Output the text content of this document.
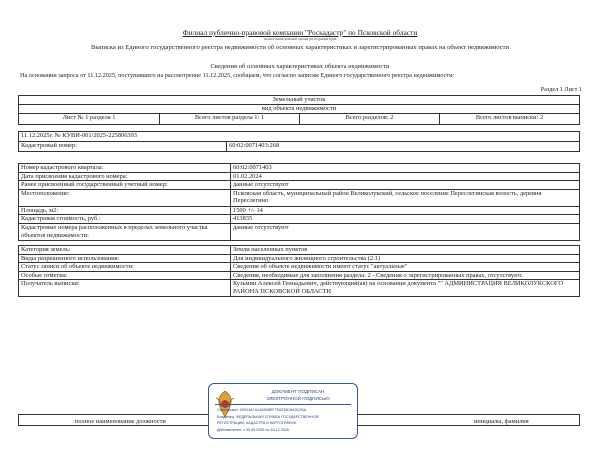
Филиал публично-правовой компании "Роскадастр" по Псковской области
полное наименование органа регистрации прав
Выписка из Единого государственного реестра недвижимости об основных характеристиках и зарегистрированных правах на объект недвижимости
Сведения об основных характеристиках объекта недвижимости
На основании запроса от 11.12.2025, поступившего на рассмотрение 11.12.2025, сообщаем, что согласно записям Единого государственного реестра недвижимости:
Раздел 1 Лист 1
Земельный участок
вид объекта недвижимости
Лист № 1 раздела 1	Всего листов раздела 1: 1	Всего разделов: 2	Всего листов выписки: 2
11.12.2025г. № КУВИ-001/2025-225806393
Кадастровый номер:	60:02:0071403:268
Номер кадастрового квартала:	60:02:0071403
Дата присвоения кадастрового номера:	01.02.2024
Ранее присвоенный государственный учетный номер:	данные отсутствуют
Местоположение:	Псковская область, муниципальный район Великолукский, сельское поселение Переслегинская волость, деревня Переслегино
Площадь, м2:	1500 +/- 14
Кадастровая стоимость, руб.:	413835
Кадастровые номера расположенных в пределах земельного участка объектов недвижимости:	данные отсутствуют
Категория земель:	Земли населенных пунктов
Виды разрешенного использования:	Для индивидуального жилищного строительства (2.1)
Статус записи об объекте недвижимости:	Сведения об объекте недвижимости имеют статус "актуальные"
Особые отметки:	Сведения, необходимые для заполнения раздела: 2 - Сведения о зарегистрированных правах, отсутствуют.
Получатель выписки:	Кузьмин Алексей Геннадьевич, действующий(ая) на основании документа "" АДМИНИСТРАЦИЯ ВЕЛИКОЛУКСКОГО РАЙОНА ПСКОВСКОЙ ОБЛАСТИ
полное наименование должности	инициалы, фамилия
ДОКУМЕНТ ПОДПИСАН
ЭЛЕКТРОННОЙ ПОДПИСЬЮ
Сертификат: 00914A7A1A0908EF7E6230D6A9C2BA
Владелец: ФЕДЕРАЛЬНАЯ СЛУЖБА ГОСУДАРСТВЕННОЙ
РЕГИСТРАЦИИ, КАДАСТРА И КАРТОГРАФИИ
Действителен: с 30.05.2025 по 18.12.2026
